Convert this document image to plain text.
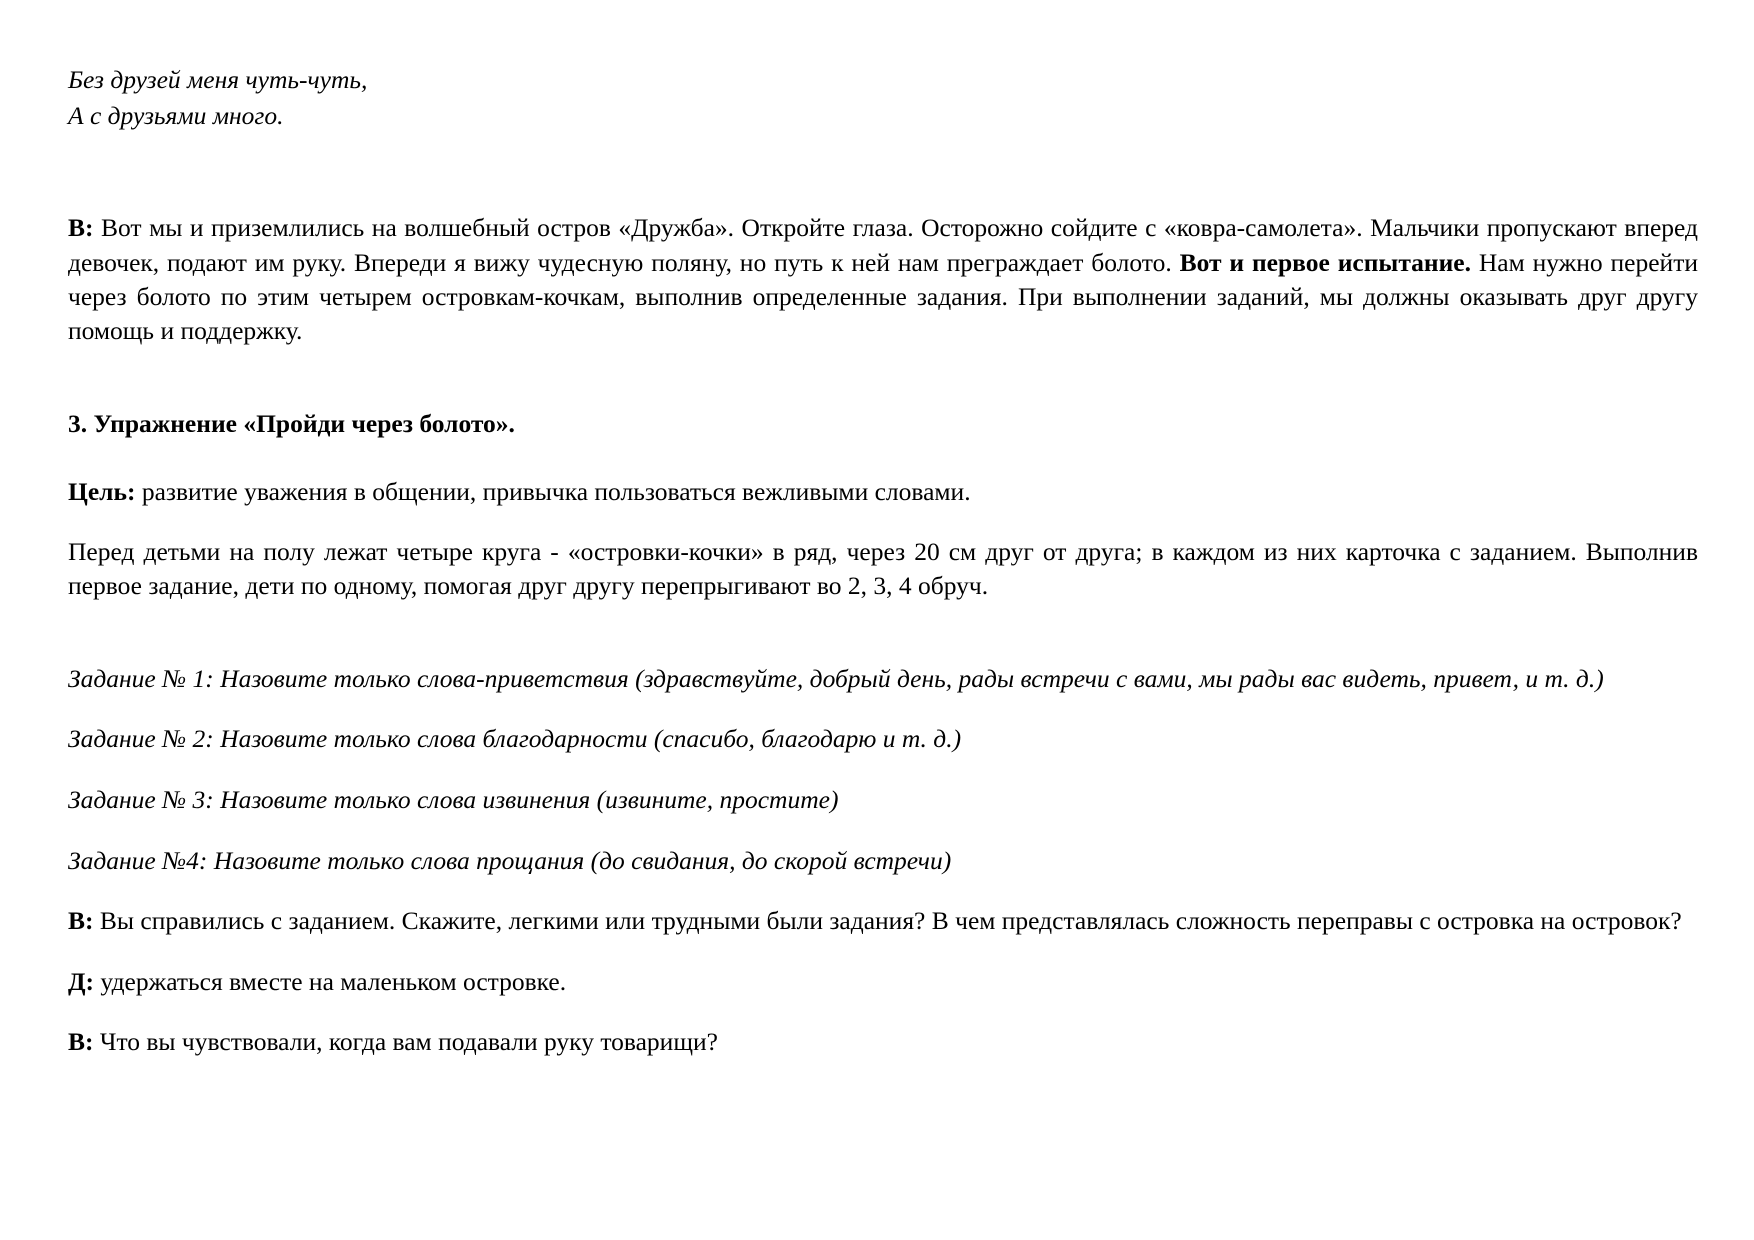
Без друзей меня чуть-чуть,
А с друзьями много.

В: Вот мы и приземлились на волшебный остров «Дружба». Откройте глаза. Осторожно сойдите с «ковра-самолета». Мальчики пропускают вперед девочек, подают им руку. Впереди я вижу чудесную поляну, но путь к ней нам преграждает болото. Вот и первое испытание. Нам нужно перейти через болото по этим четырем островкам-кочкам, выполнив определенные задания. При выполнении заданий, мы должны оказывать друг другу помощь и поддержку.

3. Упражнение «Пройди через болото».

Цель: развитие уважения в общении, привычка пользоваться вежливыми словами.

Перед детьми на полу лежат четыре круга - «островки-кочки» в ряд, через 20 см друг от друга; в каждом из них карточка с заданием. Выполнив первое задание, дети по одному, помогая друг другу перепрыгивают во 2, 3, 4 обруч.

Задание № 1: Назовите только слова-приветствия (здравствуйте, добрый день, рады встречи с вами, мы рады вас видеть, привет, и т. д.)

Задание № 2: Назовите только слова благодарности (спасибо, благодарю и т. д.)

Задание № 3: Назовите только слова извинения (извините, простите)

Задание №4: Назовите только слова прощания (до свидания, до скорой встречи)

В: Вы справились с заданием. Скажите, легкими или трудными были задания? В чем представлялась сложность переправы с островка на островок?

Д: удержаться вместе на маленьком островке.

В: Что вы чувствовали, когда вам подавали руку товарищи?
